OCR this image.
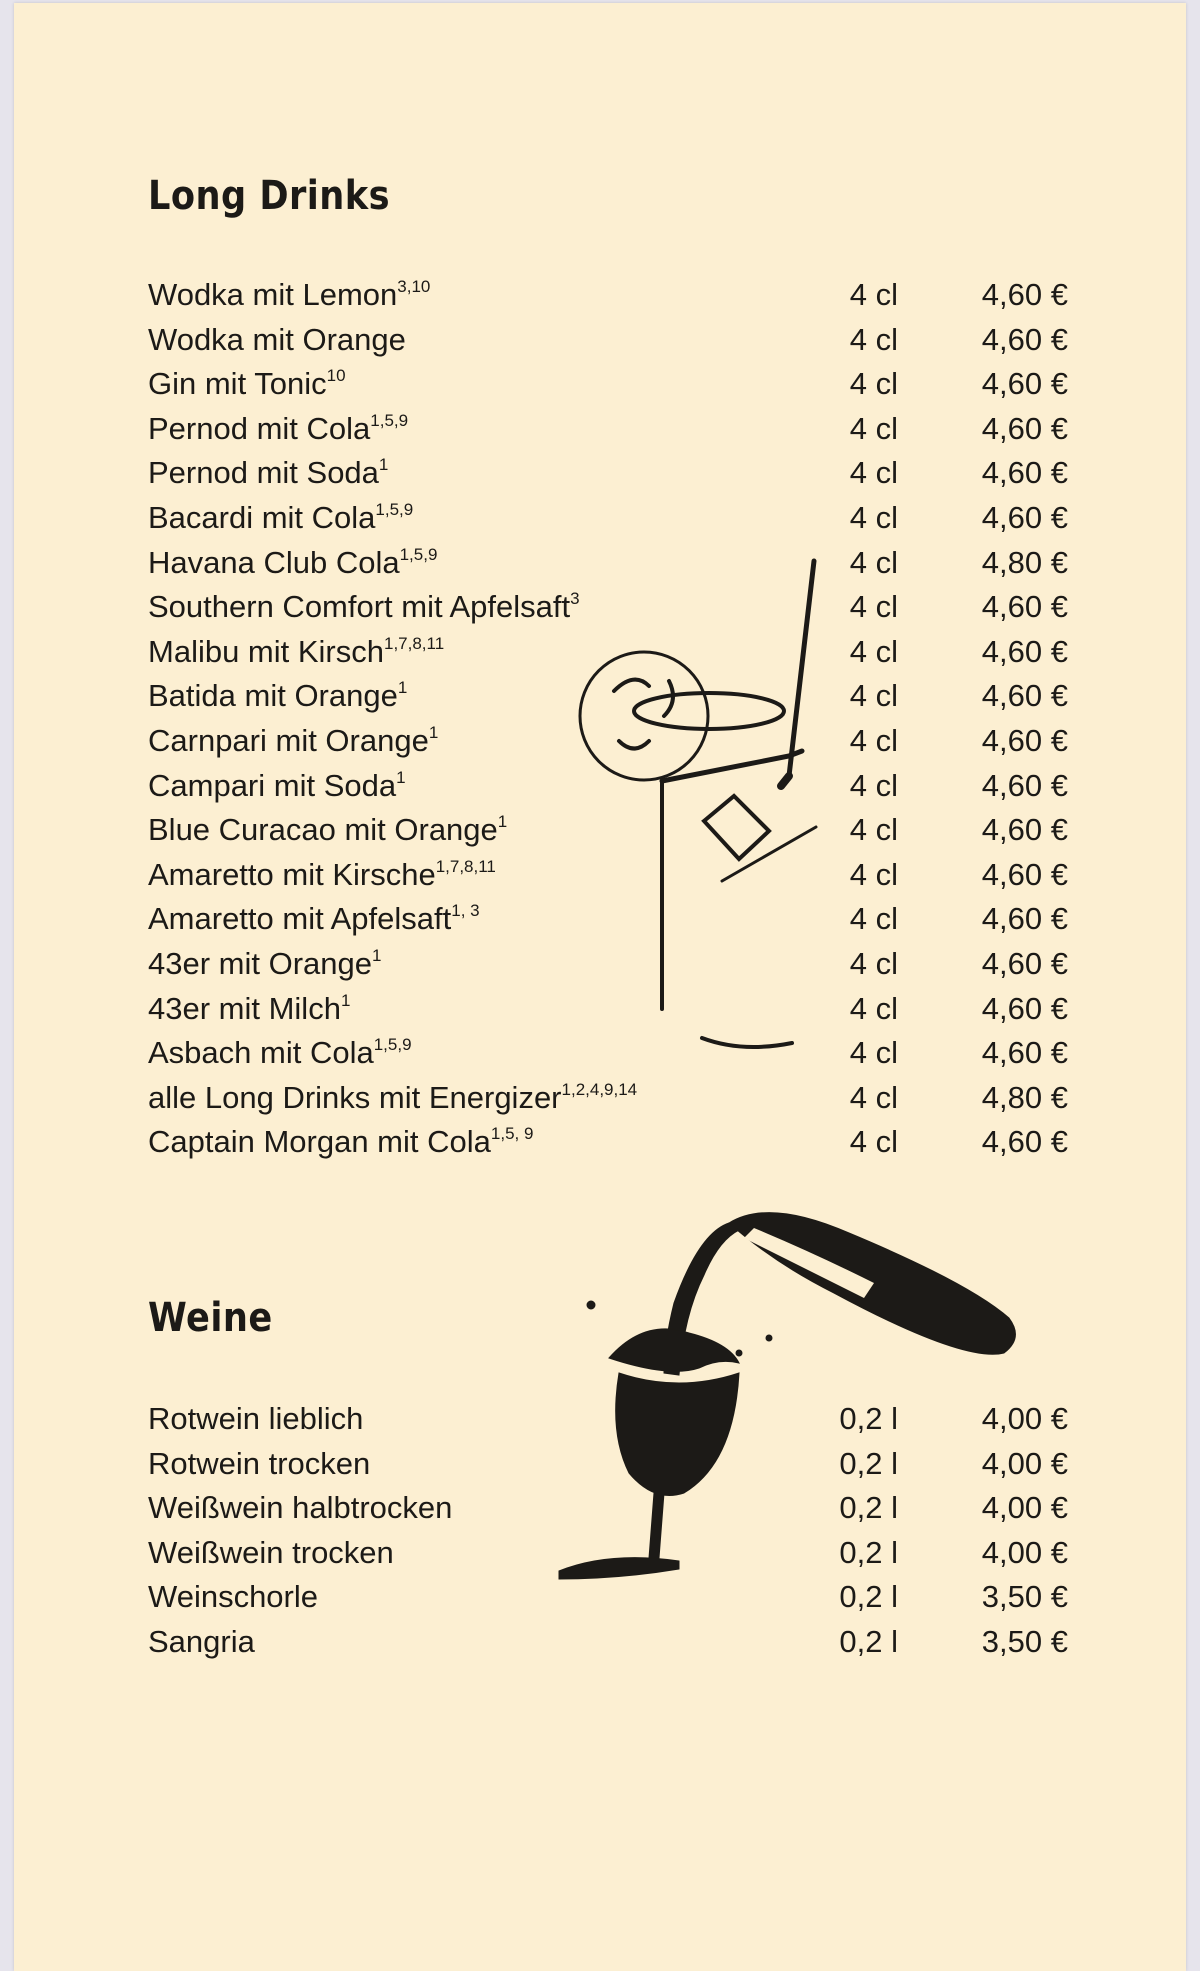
Long Drinks
Wodka mit Lemon$^{3,10}$	4 cl	4,60 €
Wodka mit Orange	4 cl	4,60 €
Gin mit Tonic$^{10}$	4 cl	4,60 €
Pernod mit Cola$^{1,5,9}$	4 cl	4,60 €
Pernod mit Soda$^1$	4 cl	4,60 €
Bacardi mit Cola$^{1,5,9}$	4 cl	4,60 €
Havana Club Cola$^{1,5,9}$	4 cl	4,80 €
Southern Comfort mit Apfelsaft$^3$	4 cl	4,60 €
Malibu mit Kirsch$^{1,7,8,11}$	4 cl	4,60 €
Batida mit Orange$^1$	4 cl	4,60 €
Carnpari mit Orange$^1$	4 cl	4,60 €
Campari mit Soda$^1$	4 cl	4,60 €
Blue Curacao mit Orange$^1$	4 cl	4,60 €
Amaretto mit Kirsche$^{1,7,8,11}$	4 cl	4,60 €
Amaretto mit Apfelsaft$^{1, 3}$	4 cl	4,60 €
43er mit Orange$^1$	4 cl	4,60 €
43er mit Milch$^1$	4 cl	4,60 €
Asbach mit Cola$^{1,5,9}$	4 cl	4,60 €
alle Long Drinks mit Energizer$^{1,2,4,9,14}$	4 cl	4,80 €
Captain Morgan mit Cola$^{1,5, 9}$	4 cl	4,60 €
Weine
Rotwein lieblich	0,2 l	4,00 €
Rotwein trocken	0,2 l	4,00 €
Weißwein halbtrocken	0,2 l	4,00 €
Weißwein trocken	0,2 l	4,00 €
Weinschorle	0,2 l	3,50 €
Sangria	0,2 l	3,50 €
